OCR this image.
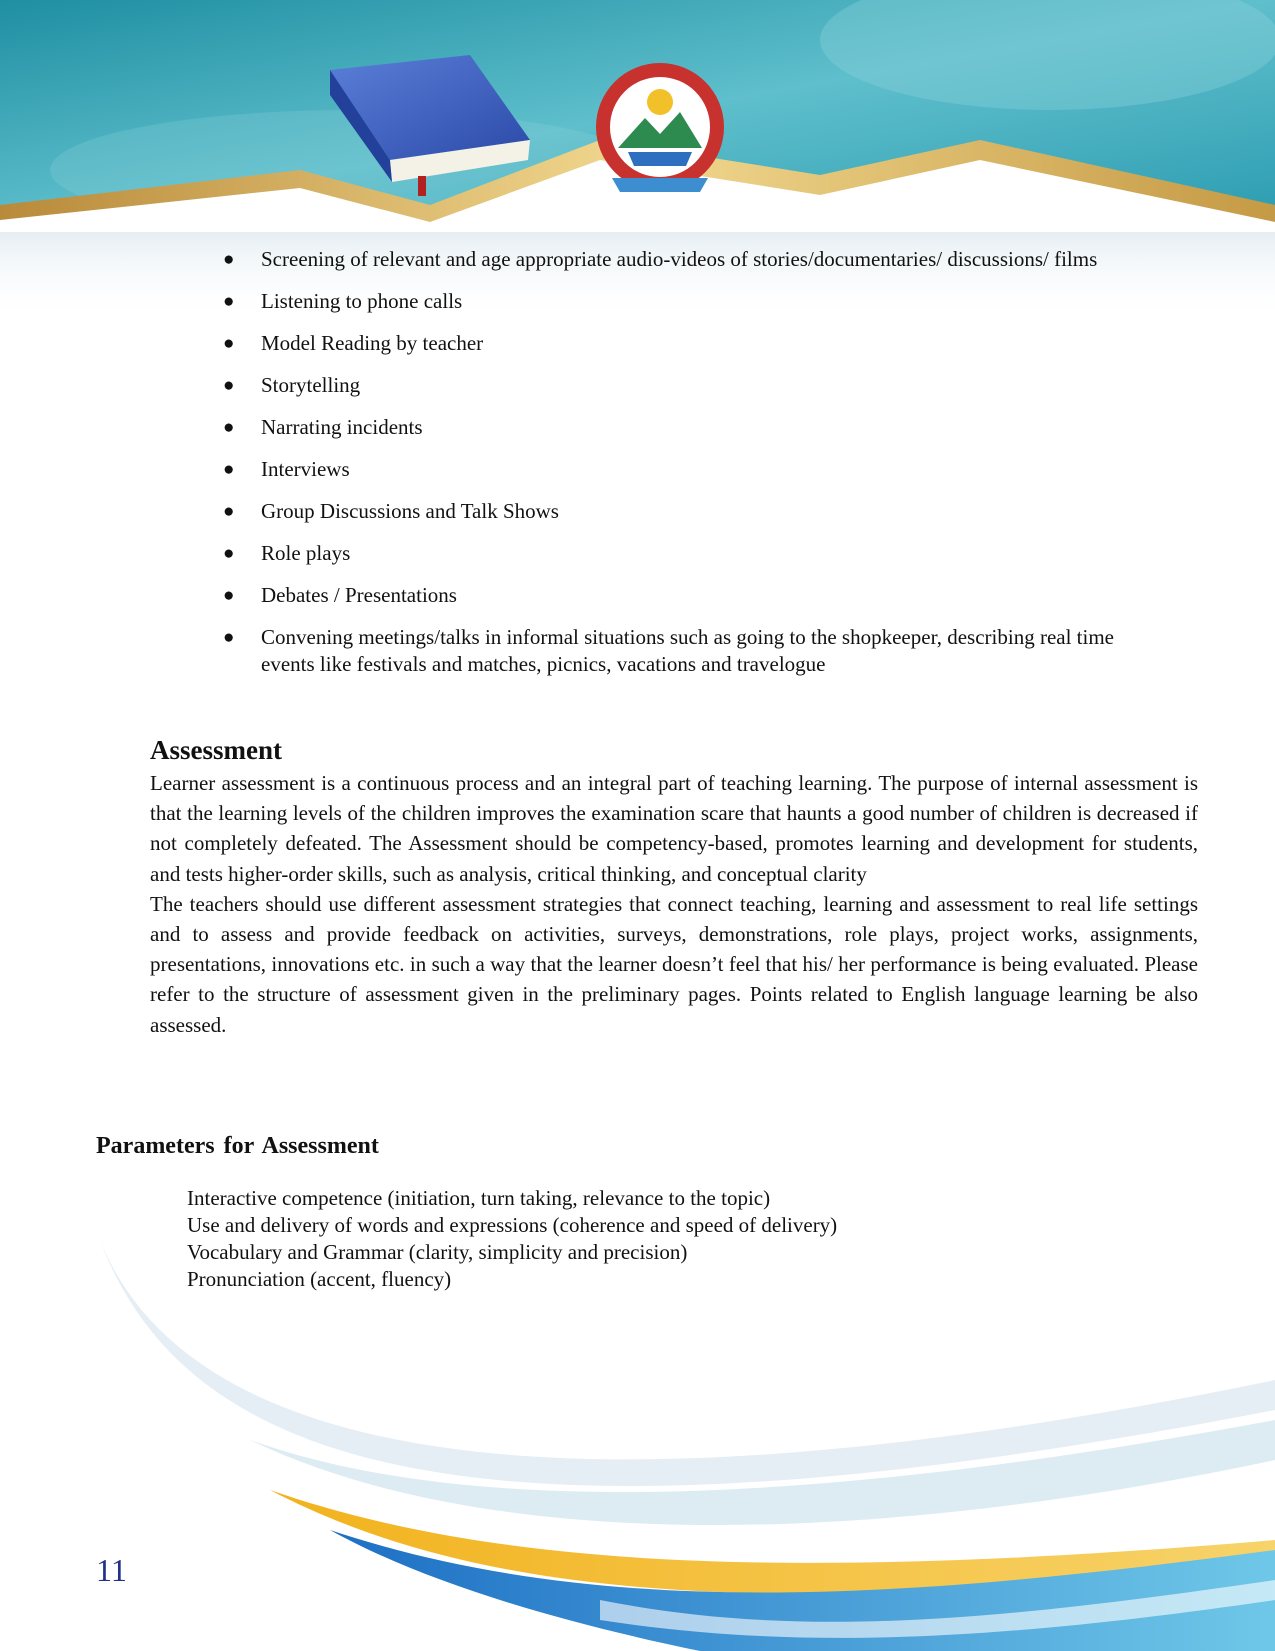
● Screening of relevant and age appropriate audio-videos of stories/documentaries/ discussions/ films
● Listening to phone calls
● Model Reading by teacher
● Storytelling
● Narrating incidents
● Interviews
● Group Discussions and Talk Shows
● Role plays
● Debates / Presentations
● Convening meetings/talks in informal situations such as going to the shopkeeper, describing real time events like festivals and matches, picnics, vacations and travelogue
Assessment

Learner assessment is a continuous process and an integral part of teaching learning. The purpose of internal assessment is that the learning levels of the children improves the examination scare that haunts a good number of children is decreased if not completely defeated. The Assessment should be competency-based, promotes learning and development for students, and tests higher-order skills, such as analysis, critical thinking, and conceptual clarity

The teachers should use different assessment strategies that connect teaching, learning and assessment to real life settings and to assess and provide feedback on activities, surveys, demonstrations, role plays, project works, assignments, presentations, innovations etc. in such a way that the learner doesn’t feel that his/ her performance is being evaluated. Please refer to the structure of assessment given in the preliminary pages. Points related to English language learning be also assessed.

Parameters for Assessment
Interactive competence (initiation, turn taking, relevance to the topic)
Use and delivery of words and expressions (coherence and speed of delivery)
Vocabulary and Grammar (clarity, simplicity and precision)
Pronunciation (accent, fluency)
11
